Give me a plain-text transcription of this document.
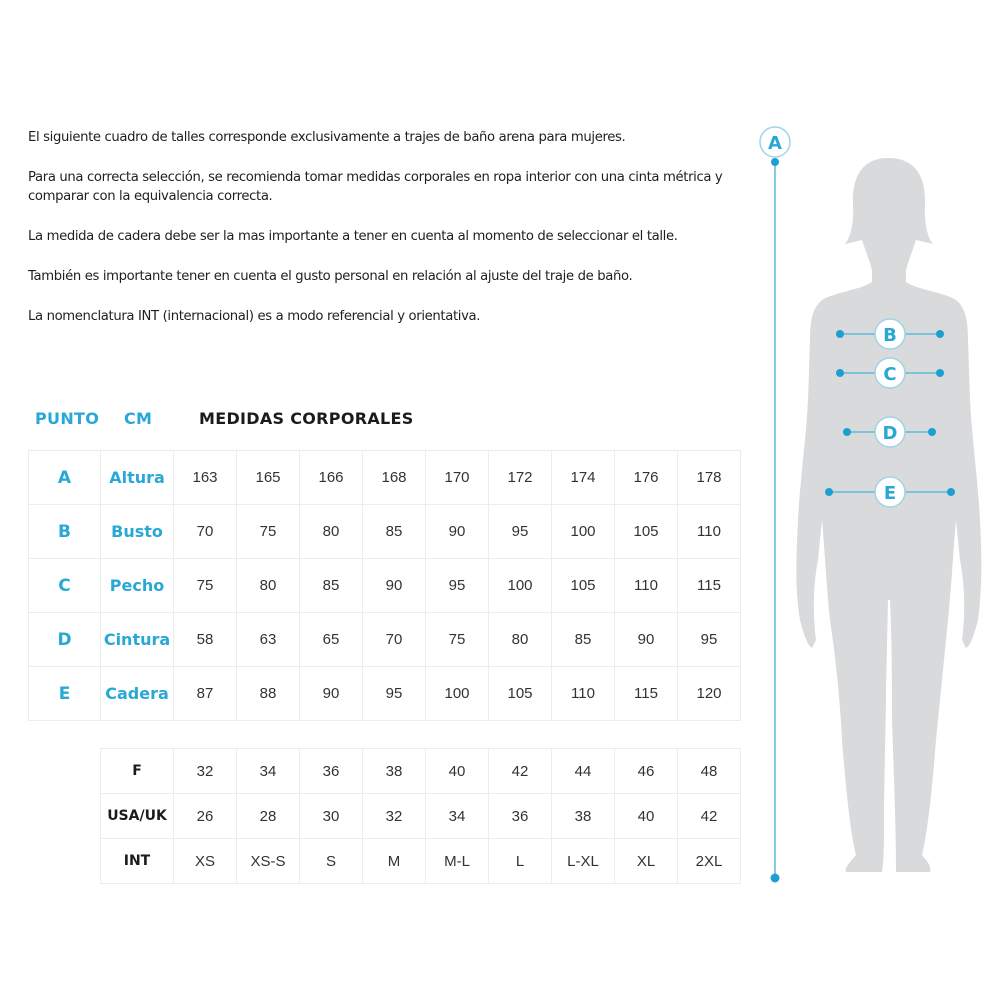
El siguiente cuadro de talles corresponde exclusivamente a trajes de baño arena para mujeres.

Para una correcta selección, se recomienda tomar medidas corporales en ropa interior con una cinta métrica y comparar con la equivalencia correcta.

La medida de cadera debe ser la mas importante a tener en cuenta al momento de seleccionar el talle.

También es importante tener en cuenta el gusto personal en relación al ajuste del traje de baño.

La nomenclatura INT (internacional) es a modo referencial y orientativa.

PUNTO CM	MEDIDAS CORPORALES
A	Altura	163	165	166	168	170	172	174	176	178
B	Busto	70	75	80	85	90	95	100	105	110
C	Pecho	75	80	85	90	95	100	105	110	115
D	Cintura	58	63	65	70	75	80	85	90	95
E	Cadera	87	88	90	95	100	105	110	115	120
F	32	34	36	38	40	42	44	46	48
USA/UK	26	28	30	32	34	36	38	40	42
INT	XS	XS-S	S	M	M-L	L	L-XL	XL	2XL
A
B
C
D
E
